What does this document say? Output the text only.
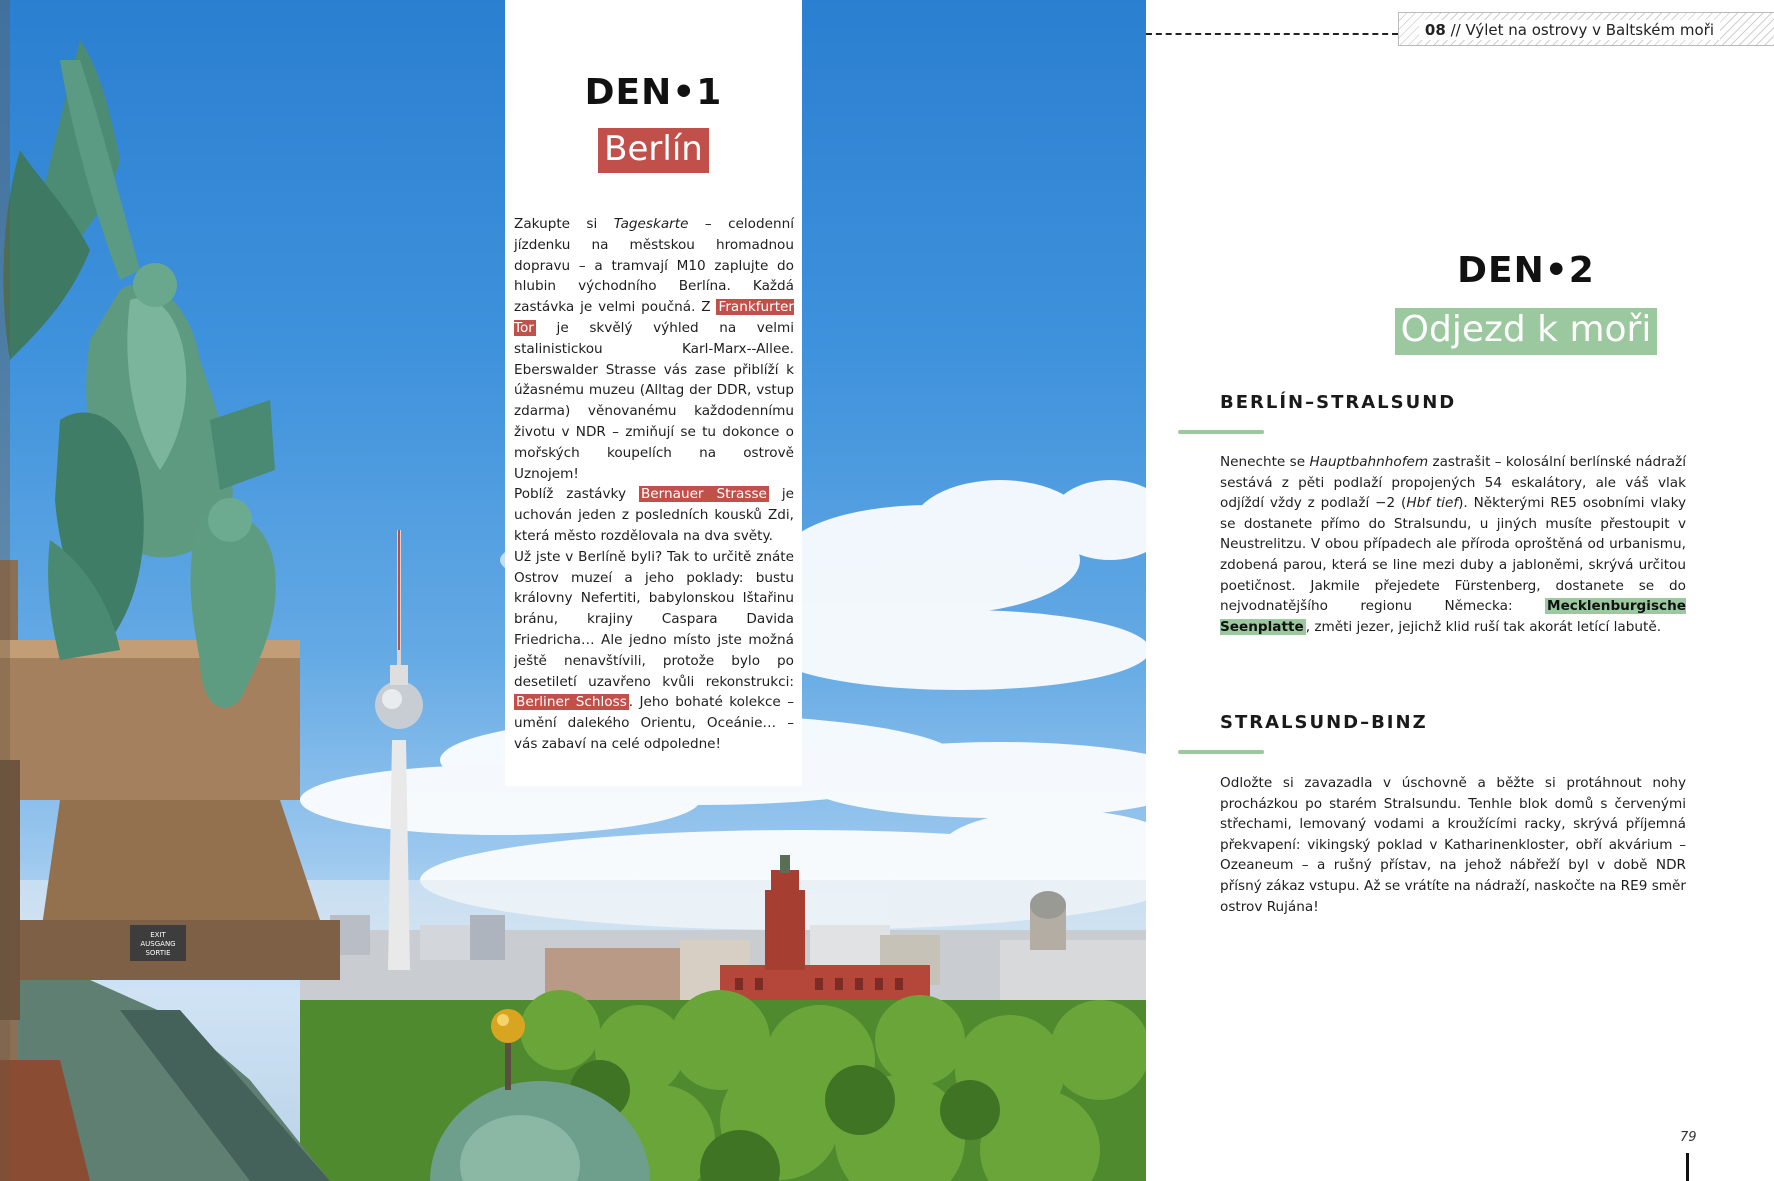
EXIT
AUSGANG
SORTIE
DEN•1
Berlín

Zakupte si Tageskarte – celodenní jízdenku na městskou hromadnou dopravu – a tramvají M10 zaplujte do hlubin východního Berlína. Každá zastávka je velmi poučná. Z Frankfurter Tor je skvělý výhled na velmi stalinistickou Karl-Marx--Allee. Eberswalder Strasse vás zase přiblíží k úžasnému muzeu (Alltag der DDR, vstup zdarma) věnovanému každodennímu životu v NDR – zmiňují se tu dokonce o mořských koupelích na ostrově Uznojem!

Poblíž zastávky Bernauer Strasse je uchován jeden z posledních kousků Zdi, která město rozdělovala na dva světy.

Už jste v Berlíně byli? Tak to určitě znáte Ostrov muzeí a jeho poklady: bustu královny Nefertiti, babylonskou Ištařinu bránu, krajiny Caspara Davida Friedricha… Ale jedno místo jste možná ještě nenavštívili, protože bylo po desetiletí uzavřeno kvůli rekonstrukci: Berliner Schloss . Jeho bohaté kolekce – umění dalekého Orientu, Oceánie… – vás zabaví na celé odpoledne!

08 // Výlet na ostrovy v Baltském moři
DEN•2
Odjezd k moři
BERLÍN–STRALSUND
Nenechte se Hauptbahnhofem zastrašit – kolosální berlínské nádraží sestává z pěti podlaží propojených 54 eskalátory, ale váš vlak odjíždí vždy z podlaží −2 (Hbf tief). Některými RE5 osobními vlaky se dostanete přímo do Stralsundu, u jiných musíte přestoupit v Neustrelitzu. V obou případech ale příroda oproštěná od urbanismu, zdobená parou, která se line mezi duby a jabloněmi, skrývá určitou poetičnost. Jakmile přejedete Fürstenberg, dostanete se do nejvodnatějšího regionu Německa: Mecklenburgische Seenplatte , změti jezer, jejichž klid ruší tak akorát letící labutě.
STRALSUND–BINZ
Odložte si zavazadla v úschovně a běžte si protáhnout nohy procházkou po starém Stralsundu. Tenhle blok domů s červenými střechami, lemovaný vodami a kroužícími racky, skrývá příjemná překvapení: vikingský poklad v Katharinenkloster, obří akvárium – Ozeaneum – a rušný přístav, na jehož nábřeží byl v době NDR přísný zákaz vstupu. Až se vrátíte na nádraží, naskočte na RE9 směr ostrov Rujána!
79
